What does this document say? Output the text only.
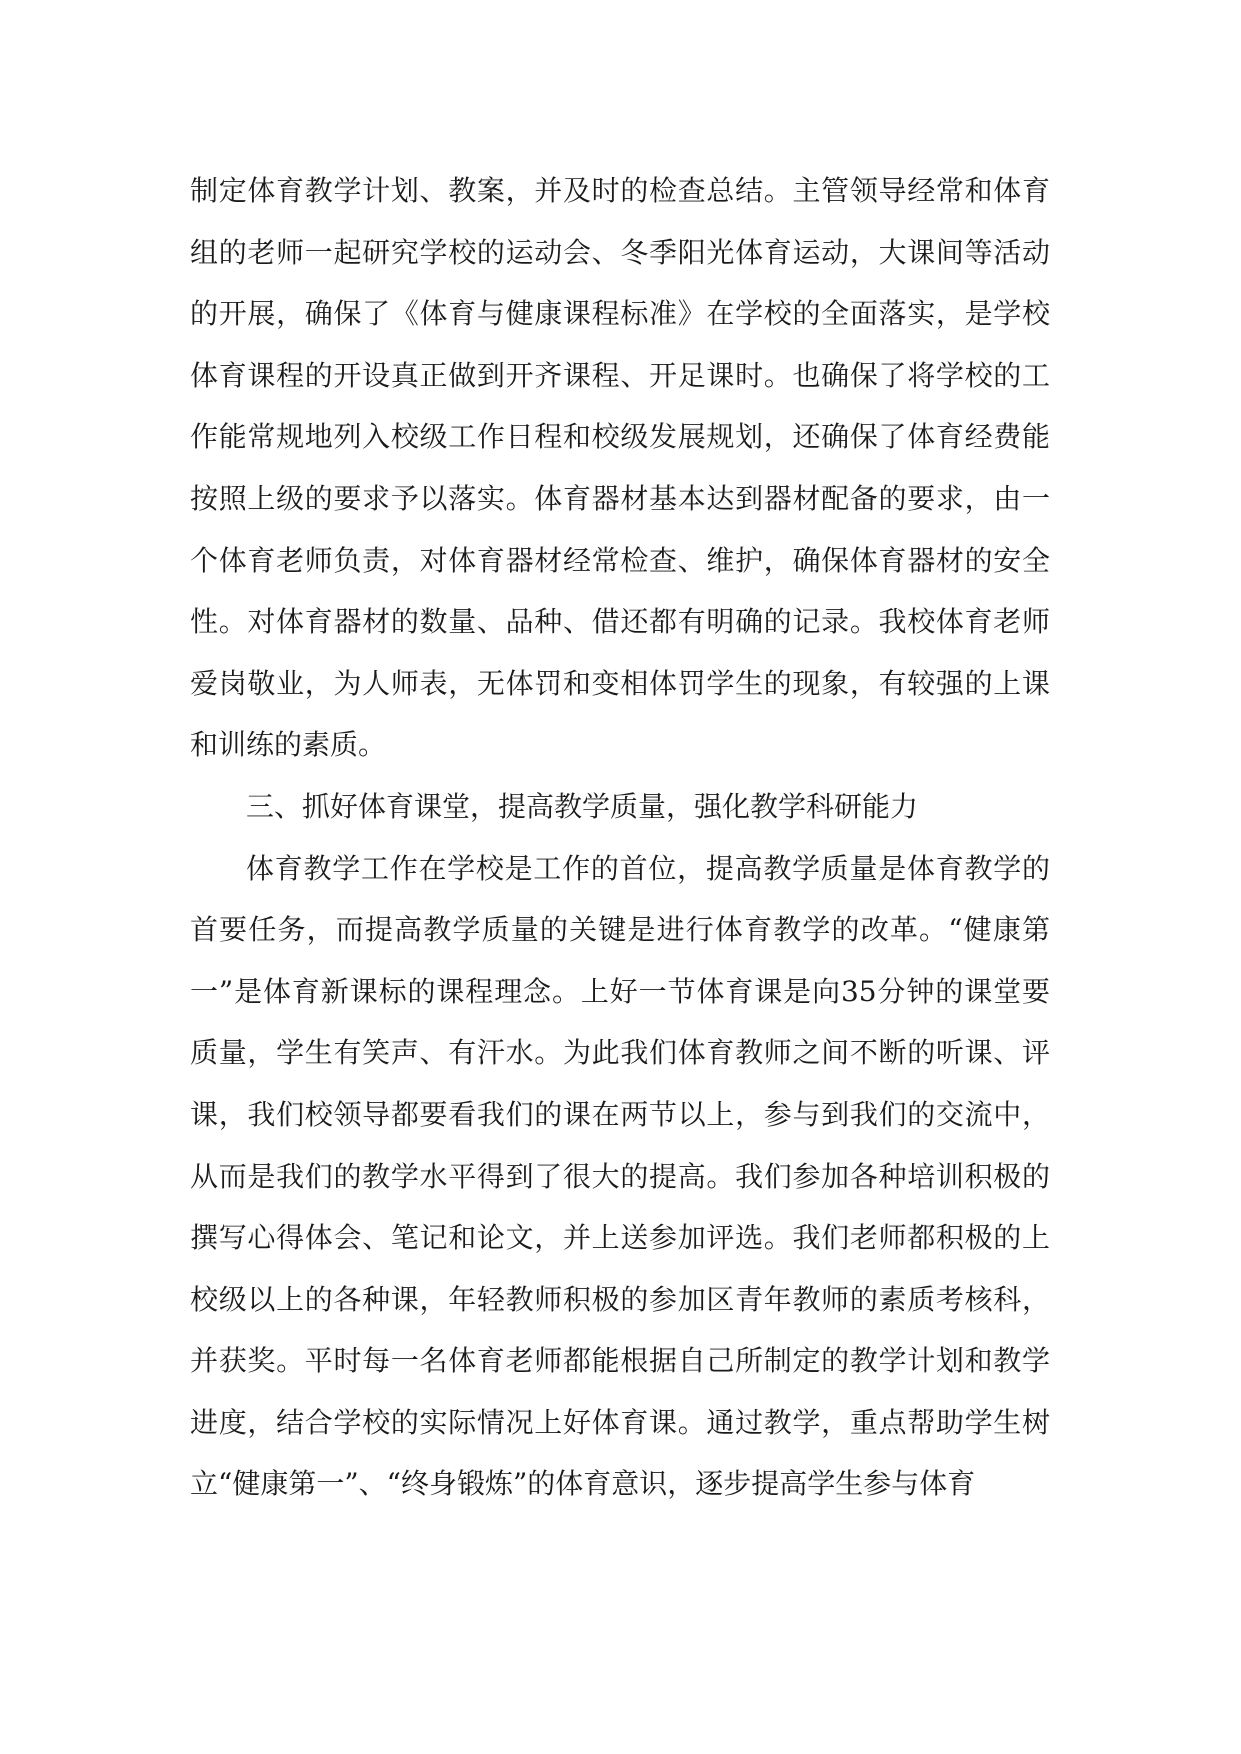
制定体育教学计划、教案，并及时的检查总结。主管领导经常和体育组的老师一起研究学校的运动会、冬季阳光体育运动，大课间等活动的开展，确保了《体育与健康课程标准》在学校的全面落实，是学校体育课程的开设真正做到开齐课程、开足课时。也确保了将学校的工作能常规地列入校级工作日程和校级发展规划，还确保了体育经费能按照上级的要求予以落实。体育器材基本达到器材配备的要求，由一个体育老师负责，对体育器材经常检查、维护，确保体育器材的安全性。对体育器材的数量、品种、借还都有明确的记录。我校体育老师爱岗敬业，为人师表，无体罚和变相体罚学生的现象，有较强的上课和训练的素质。

三、抓好体育课堂，提高教学质量，强化教学科研能力

体育教学工作在学校是工作的首位，提高教学质量是体育教学的首要任务，而提高教学质量的关键是进行体育教学的改革。“健康第一”是体育新课标的课程理念。上好一节体育课是向35分钟的课堂要质量，学生有笑声、有汗水。为此我们体育教师之间不断的听课、评课，我们校领导都要看我们的课在两节以上，参与到我们的交流中，从而是我们的教学水平得到了很大的提高。我们参加各种培训积极的撰写心得体会、笔记和论文，并上送参加评选。我们老师都积极的上校级以上的各种课，年轻教师积极的参加区青年教师的素质考核科，并获奖。平时每一名体育老师都能根据自己所制定的教学计划和教学进度，结合学校的实际情况上好体育课。通过教学，重点帮助学生树立“健康第一”、“终身锻炼”的体育意识，逐步提高学生参与体育
